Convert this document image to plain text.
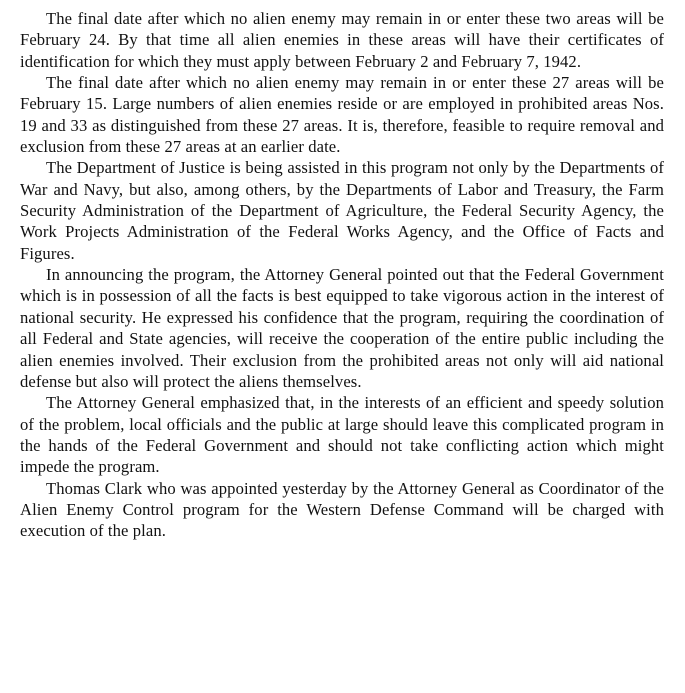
The final date after which no alien enemy may remain in or enter these two areas will be February 24. By that time all alien enemies in these areas will have their certificates of identification for which they must apply between February 2 and February 7, 1942.

The final date after which no alien enemy may remain in or enter these 27 areas will be February 15. Large numbers of alien enemies reside or are employed in prohibited areas Nos. 19 and 33 as distinguished from these 27 areas. It is, therefore, feasible to require removal and exclusion from these 27 areas at an earlier date.

The Department of Justice is being assisted in this program not only by the Departments of War and Navy, but also, among others, by the Departments of Labor and Treasury, the Farm Security Administration of the Department of Agriculture, the Federal Security Agency, the Work Projects Administration of the Federal Works Agency, and the Office of Facts and Figures.

In announcing the program, the Attorney General pointed out that the Federal Government which is in possession of all the facts is best equipped to take vigorous action in the interest of national security. He expressed his confidence that the program, requiring the coordination of all Federal and State agencies, will receive the cooperation of the entire public including the alien enemies involved. Their exclusion from the prohibited areas not only will aid national defense but also will protect the aliens themselves.

The Attorney General emphasized that, in the interests of an efficient and speedy solution of the problem, local officials and the public at large should leave this complicated program in the hands of the Federal Government and should not take conflicting action which might impede the program.

Thomas Clark who was appointed yesterday by the Attorney General as Coordinator of the Alien Enemy Control program for the Western Defense Command will be charged with execution of the plan.
